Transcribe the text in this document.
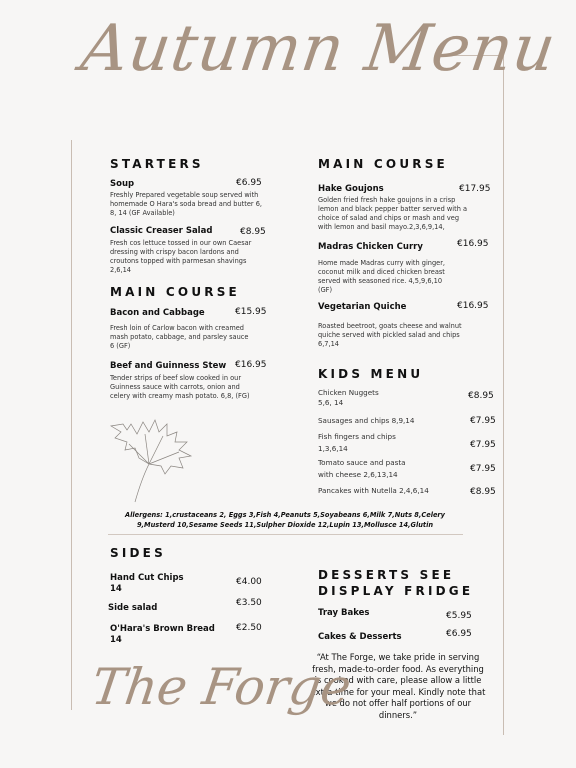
Autumn Menu
STARTERS
Soup	€6.95
Freshly Prepared vegetable soup served with homemade O Hara's soda bread and butter 6, 8, 14 (GF Available)
Classic Creaser Salad	€8.95
Fresh cos lettuce tossed in our own Caesar dressing with crispy bacon lardons and croutons topped with parmesan shavings 2,6,14
MAIN COURSE
Bacon and Cabbage	€15.95
Fresh loin of Carlow bacon with creamed mash potato, cabbage, and parsley sauce 6 (GF)
Beef and Guinness Stew €16.95
Tender strips of beef slow cooked in our Guinness sauce with carrots, onion and celery with creamy mash potato. 6,8, (FG)
MAIN COURSE
Hake Goujons	€17.95
Golden fried fresh hake goujons in a crisp lemon and black pepper batter served with a choice of salad and chips or mash and veg with lemon and basil mayo.2,3,6,9,14,
Madras Chicken Curry	€16.95
Home made Madras curry with ginger, coconut milk and diced chicken breast served with seasoned rice. 4,5,9,6,10 (GF)
Vegetarian Quiche	€16.95
Roasted beetroot, goats cheese and walnut quiche served with pickled salad and chips 6,7,14
KIDS MENU
Chicken Nuggets
5,6, 14
€8.95
Sausages and chips 8,9,14	€7.95
Fish fingers and chips
1,3,6,14	€7.95
Tomato sauce and pasta
with cheese 2,6,13,14
€7.95
Pancakes with Nutella 2,4,6,14	€8.95
Allergens: 1,crustaceans 2, Eggs 3,Fish 4,Peanuts 5,Soyabeans 6,Milk 7,Nuts 8,Celery 9,Musterd 10,Sesame Seeds 11,Sulpher Dioxide 12,Lupin 13,Mollusce 14,Glutin
SIDES
Hand Cut Chips
14
€4.00
Side salad	€3.50
O'Hara's Brown Bread
14
€2.50
DESSERTS SEE
DISPLAY FRIDGE
Tray Bakes	€5.95
Cakes & Desserts	€6.95
“At The Forge, we take pride in serving fresh, made-to-order food. As everything is cooked with care, please allow a little extra time for your meal. Kindly note that we do not offer half portions of our dinners.”
The Forge
